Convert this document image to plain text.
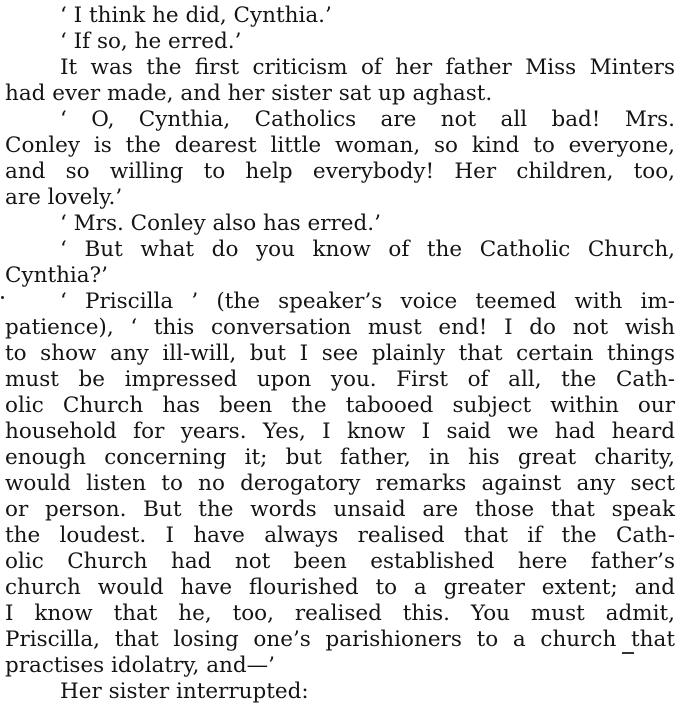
‘ I think he did, Cynthia.’
‘ If so, he erred.’
It was the first criticism of her father Miss Minters
had ever made, and her sister sat up aghast.
‘ O, Cynthia, Catholics are not all bad! Mrs.
Conley is the dearest little woman, so kind to everyone,
and so willing to help everybody! Her children, too,
are lovely.’
‘ Mrs. Conley also has erred.’
‘ But what do you know of the Catholic Church,
Cynthia?’
‘ Priscilla ’ (the speaker’s voice teemed with im-
patience), ‘ this conversation must end! I do not wish
to show any ill-will, but I see plainly that certain things
must be impressed upon you. First of all, the Cath-
olic Church has been the tabooed subject within our
household for years. Yes, I know I said we had heard
enough concerning it; but father, in his great charity,
would listen to no derogatory remarks against any sect
or person. But the words unsaid are those that speak
the loudest. I have always realised that if the Cath-
olic Church had not been established here father’s
church would have flourished to a greater extent; and
I know that he, too, realised this. You must admit,
Priscilla, that losing one’s parishioners to a church that
practises idolatry, and—’
Her sister interrupted:
